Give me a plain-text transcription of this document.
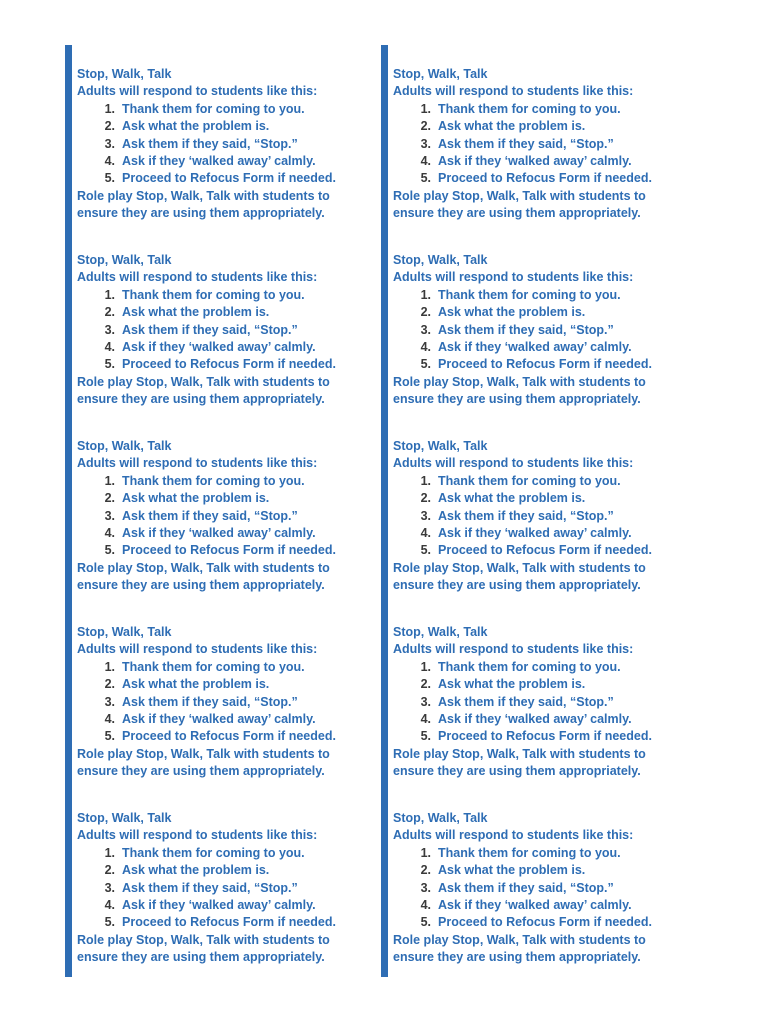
Stop, Walk, Talk

Adults will respond to students like this:

1. Thank them for coming to you.
2. Ask what the problem is.
3. Ask them if they said, “Stop.”
4. Ask if they ‘walked away’ calmly.
5. Proceed to Refocus Form if needed.

Role play Stop, Walk, Talk with students to ensure they are using them appropriately.

Stop, Walk, Talk

Adults will respond to students like this:

1. Thank them for coming to you.
2. Ask what the problem is.
3. Ask them if they said, “Stop.”
4. Ask if they ‘walked away’ calmly.
5. Proceed to Refocus Form if needed.

Role play Stop, Walk, Talk with students to ensure they are using them appropriately.

Stop, Walk, Talk

Adults will respond to students like this:

1. Thank them for coming to you.
2. Ask what the problem is.
3. Ask them if they said, “Stop.”
4. Ask if they ‘walked away’ calmly.
5. Proceed to Refocus Form if needed.

Role play Stop, Walk, Talk with students to ensure they are using them appropriately.

Stop, Walk, Talk

Adults will respond to students like this:

1. Thank them for coming to you.
2. Ask what the problem is.
3. Ask them if they said, “Stop.”
4. Ask if they ‘walked away’ calmly.
5. Proceed to Refocus Form if needed.

Role play Stop, Walk, Talk with students to ensure they are using them appropriately.

Stop, Walk, Talk

Adults will respond to students like this:

1. Thank them for coming to you.
2. Ask what the problem is.
3. Ask them if they said, “Stop.”
4. Ask if they ‘walked away’ calmly.
5. Proceed to Refocus Form if needed.

Role play Stop, Walk, Talk with students to ensure they are using them appropriately.

Stop, Walk, Talk

Adults will respond to students like this:

1. Thank them for coming to you.
2. Ask what the problem is.
3. Ask them if they said, “Stop.”
4. Ask if they ‘walked away’ calmly.
5. Proceed to Refocus Form if needed.

Role play Stop, Walk, Talk with students to ensure they are using them appropriately.

Stop, Walk, Talk

Adults will respond to students like this:

1. Thank them for coming to you.
2. Ask what the problem is.
3. Ask them if they said, “Stop.”
4. Ask if they ‘walked away’ calmly.
5. Proceed to Refocus Form if needed.

Role play Stop, Walk, Talk with students to ensure they are using them appropriately.

Stop, Walk, Talk

Adults will respond to students like this:

1. Thank them for coming to you.
2. Ask what the problem is.
3. Ask them if they said, “Stop.”
4. Ask if they ‘walked away’ calmly.
5. Proceed to Refocus Form if needed.

Role play Stop, Walk, Talk with students to ensure they are using them appropriately.

Stop, Walk, Talk

Adults will respond to students like this:

1. Thank them for coming to you.
2. Ask what the problem is.
3. Ask them if they said, “Stop.”
4. Ask if they ‘walked away’ calmly.
5. Proceed to Refocus Form if needed.

Role play Stop, Walk, Talk with students to ensure they are using them appropriately.

Stop, Walk, Talk

Adults will respond to students like this:

1. Thank them for coming to you.
2. Ask what the problem is.
3. Ask them if they said, “Stop.”
4. Ask if they ‘walked away’ calmly.
5. Proceed to Refocus Form if needed.

Role play Stop, Walk, Talk with students to ensure they are using them appropriately.
